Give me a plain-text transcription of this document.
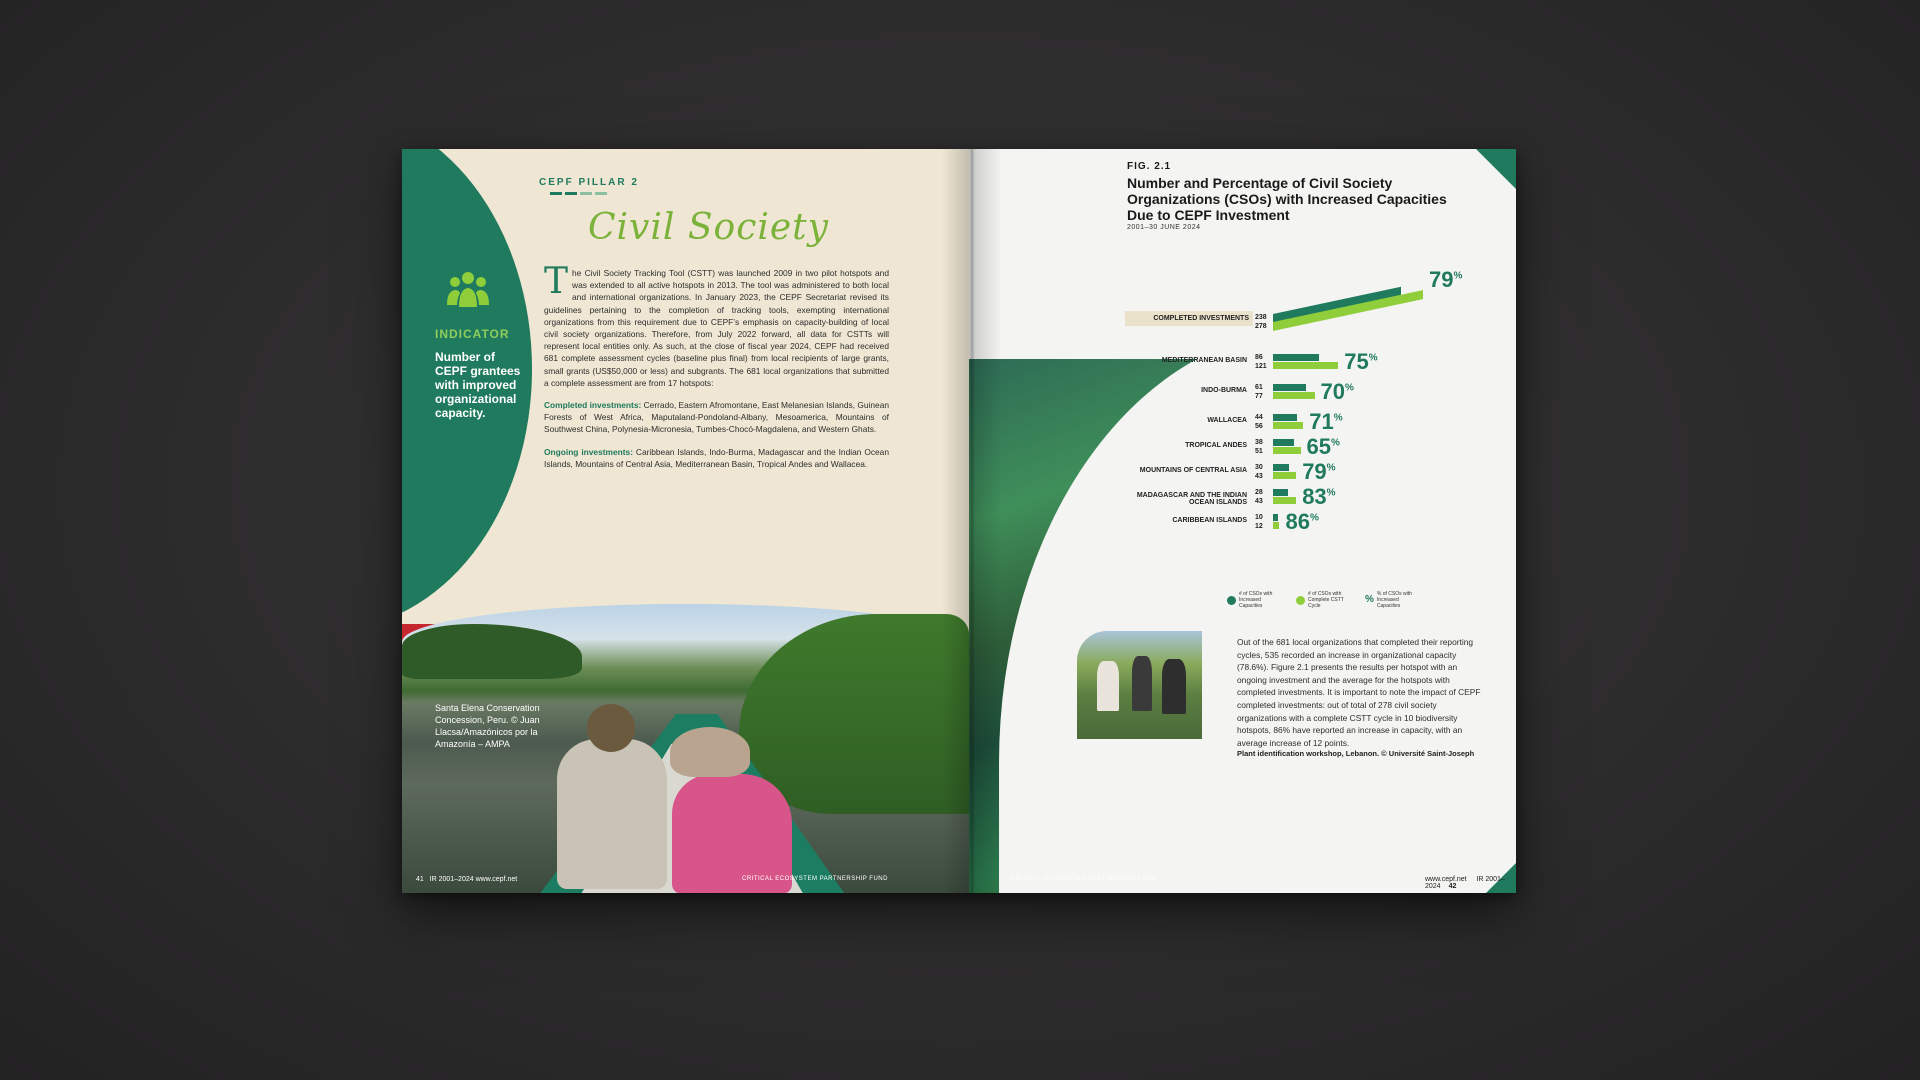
CEPF PILLAR 2
Civil Society
INDICATOR
Number of CEPF grantees with improved organizational capacity.

The Civil Society Tracking Tool (CSTT) was launched 2009 in two pilot hotspots and was extended to all active hotspots in 2013. The tool was administered to both local and international organizations. In January 2023, the CEPF Secretariat revised its guidelines pertaining to the completion of tracking tools, exempting international organizations from this requirement due to CEPF’s emphasis on capacity-building of local civil society organizations. Therefore, from July 2022 forward, all data for CSTTs will represent local entities only. As such, at the close of fiscal year 2024, CEPF had received 681 complete assessment cycles (baseline plus final) from local recipients of large grants, small grants (US$50,000 or less) and subgrants. The 681 local organizations that submitted a complete assessment are from 17 hotspots:

Completed investments: Cerrado, Eastern Afromontane, East Melanesian Islands, Guinean Forests of West Africa, Maputaland-Pondoland-Albany, Mesoamerica, Mountains of Southwest China, Polynesia-Micronesia, Tumbes-Chocó-Magdalena, and Western Ghats.

Ongoing investments: Caribbean Islands, Indo-Burma, Madagascar and the Indian Ocean Islands, Mountains of Central Asia, Mediterranean Basin, Tropical Andes and Wallacea.

Santa Elena Conservation Concession, Peru. © Juan Llacsa/Amazónicos por la Amazonía – AMPA
41 IR 2001–2024 www.cepf.net	CRITICAL ECOSYSTEM PARTNERSHIP FUND
FIG. 2.1
Number and Percentage of Civil Society Organizations (CSOs) with Increased Capacities Due to CEPF Investment
2001–30 JUNE 2024
COMPLETED INVESTMENTS 238
278
79%
MEDITERRANEAN BASIN 86
121	75%
INDO-BURMA 61
77	70%
WALLACEA 44
56 71%
TROPICAL ANDES 38
51 65%
MOUNTAINS OF CENTRAL ASIA 30
43 79%
MADAGASCAR AND THE INDIAN OCEAN ISLANDS
28
43 83%
CARIBBEAN ISLANDS 10
12 86%
# of CSOs with Increased Capacities
# of CSOs with Complete CSTT Cycle
% % of CSOs with Increased Capacities
Out of the 681 local organizations that completed their reporting cycles, 535 recorded an increase in organizational capacity (78.6%). Figure 2.1 presents the results per hotspot with an ongoing investment and the average for the hotspots with completed investments. It is important to note the impact of CEPF completed investments: out of total of 278 civil society organizations with a complete CSTT cycle in 10 biodiversity hotspots, 86% have reported an increase in capacity, with an average increase of 12 points.
Plant identification workshop, Lebanon. © Université Saint-Joseph
CRITICAL ECOSYSTEM PARTNERSHIP FUND	www.cepf.net IR 2001–2024 42
